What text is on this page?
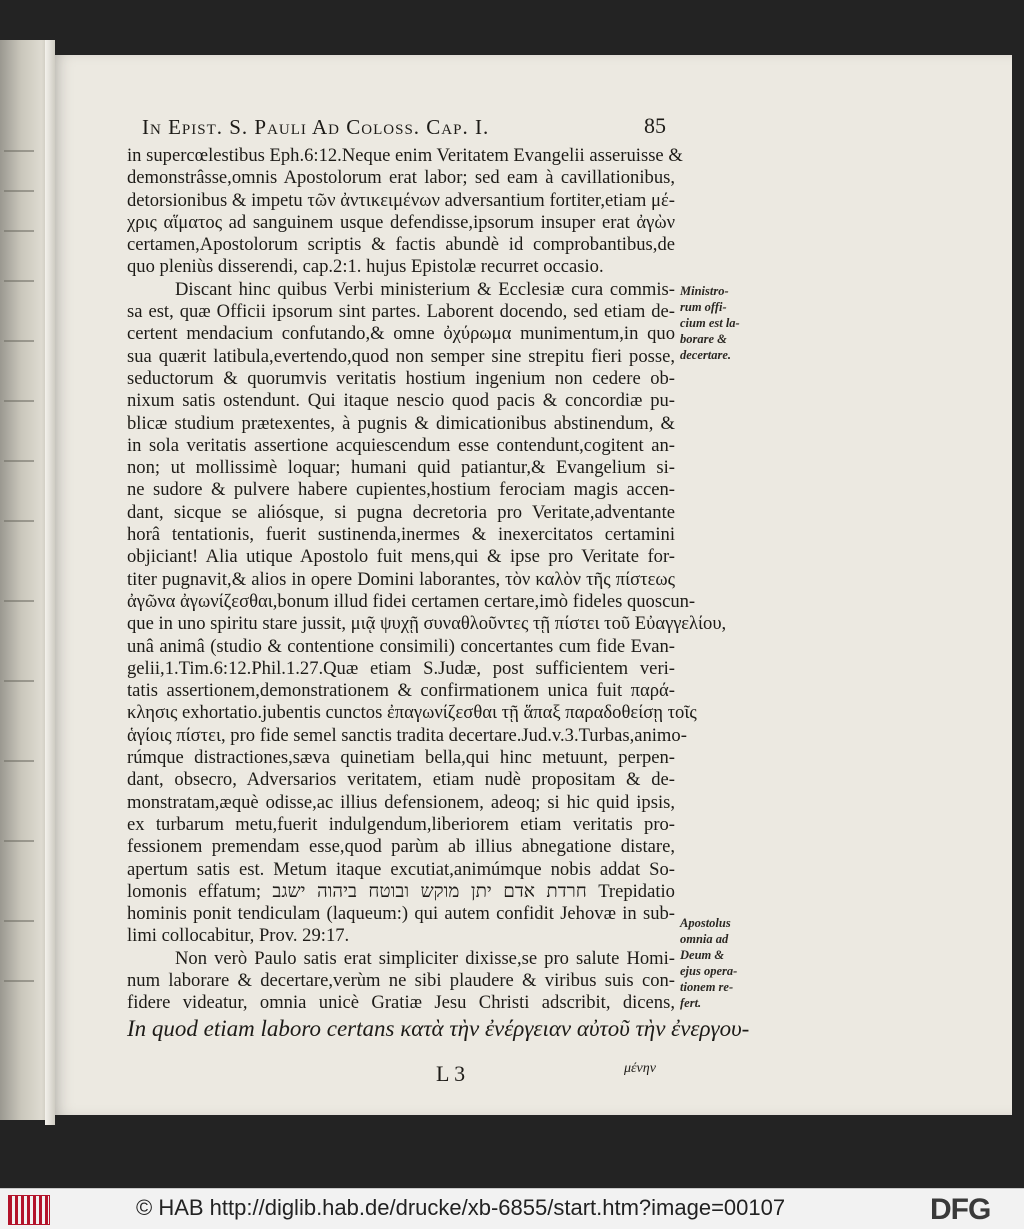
In Epist. S. Pauli Ad Coloss. Cap. I.	85
in supercœlestibus Eph.6:12.Neque enim Veritatem Evangelii asseruisse &
demonstrâsse,omnis Apostolorum erat labor; sed eam à cavillationibus,
detorsionibus & impetu τῶν ἀντικειμένων adversantium fortiter,etiam μέ-
χρις αἵματος ad sanguinem usque defendisse,ipsorum insuper erat ἀγὼν
certamen,Apostolorum scriptis & factis abundè id comprobantibus,de
quo pleniùs disserendi, cap.2:1. hujus Epistolæ recurret occasio.
Discant hinc quibus Verbi ministerium & Ecclesiæ cura commis-
sa est, quæ Officii ipsorum sint partes. Laborent docendo, sed etiam de-
certent mendacium confutando,& omne ὀχύρωμα munimentum,in quo
sua quærit latibula,evertendo,quod non semper sine strepitu fieri posse,
seductorum & quorumvis veritatis hostium ingenium non cedere ob-
nixum satis ostendunt. Qui itaque nescio quod pacis & concordiæ pu-
blicæ studium prætexentes, à pugnis & dimicationibus abstinendum, &
in sola veritatis assertione acquiescendum esse contendunt,cogitent an-
non; ut mollissimè loquar; humani quid patiantur,& Evangelium si-
ne sudore & pulvere habere cupientes,hostium ferociam magis accen-
dant, sicque se aliósque, si pugna decretoria pro Veritate,adventante
horâ tentationis, fuerit sustinenda,inermes & inexercitatos certamini
objiciant! Alia utique Apostolo fuit mens,qui & ipse pro Veritate for-
titer pugnavit,& alios in opere Domini laborantes, τὸν καλὸν τῆς πίστεως
ἀγῶνα ἀγωνίζεσθαι,bonum illud fidei certamen certare,imò fideles quoscun-
que in uno spiritu stare jussit, μιᾷ ψυχῇ συναθλοῦντες τῇ πίστει τοῦ Εὐαγγελίου,
unâ animâ (studio & contentione consimili) concertantes cum fide Evan-
gelii,1.Tim.6:12.Phil.1.27.Quæ etiam S.Judæ, post sufficientem veri-
tatis assertionem,demonstrationem & confirmationem unica fuit παρά-
κλησις exhortatio.jubentis cunctos ἐπαγωνίζεσθαι τῇ ἅπαξ παραδοθείσῃ τοῖς
ἁγίοις πίστει, pro fide semel sanctis tradita decertare.Jud.v.3.Turbas,animo-
rúmque distractiones,sæva quinetiam bella,qui hinc metuunt, perpen-
dant, obsecro, Adversarios veritatem, etiam nudè propositam & de-
monstratam,æquè odisse,ac illius defensionem, adeoq; si hic quid ipsis,
ex turbarum metu,fuerit indulgendum,liberiorem etiam veritatis pro-
fessionem premendam esse,quod parùm ab illius abnegatione distare,
apertum satis est. Metum itaque excutiat,animúmque nobis addat So-
lomonis effatum; חרדת אדם יתן מוקש ובוטח ביהוה ישגב Trepidatio
hominis ponit tendiculam (laqueum:) qui autem confidit Jehovæ in sub-
limi collocabitur, Prov. 29:17.
Non verò Paulo satis erat simpliciter dixisse,se pro salute Homi-
num laborare & decertare,verùm ne sibi plaudere & viribus suis con-
fidere videatur, omnia unicè Gratiæ Jesu Christi adscribit, dicens,
In quod etiam laboro certans κατὰ τὴν ἐνέργειαν αὐτοῦ τὴν ἐνεργου-
Ministro-
rum offi-
cium est la-
borare &
decertare.
Apostolus
omnia ad
Deum &
ejus opera-
tionem re-
fert.
L 3	μένην
© HAB http://diglib.hab.de/drucke/xb-6855/start.htm?image=00107	DFG
